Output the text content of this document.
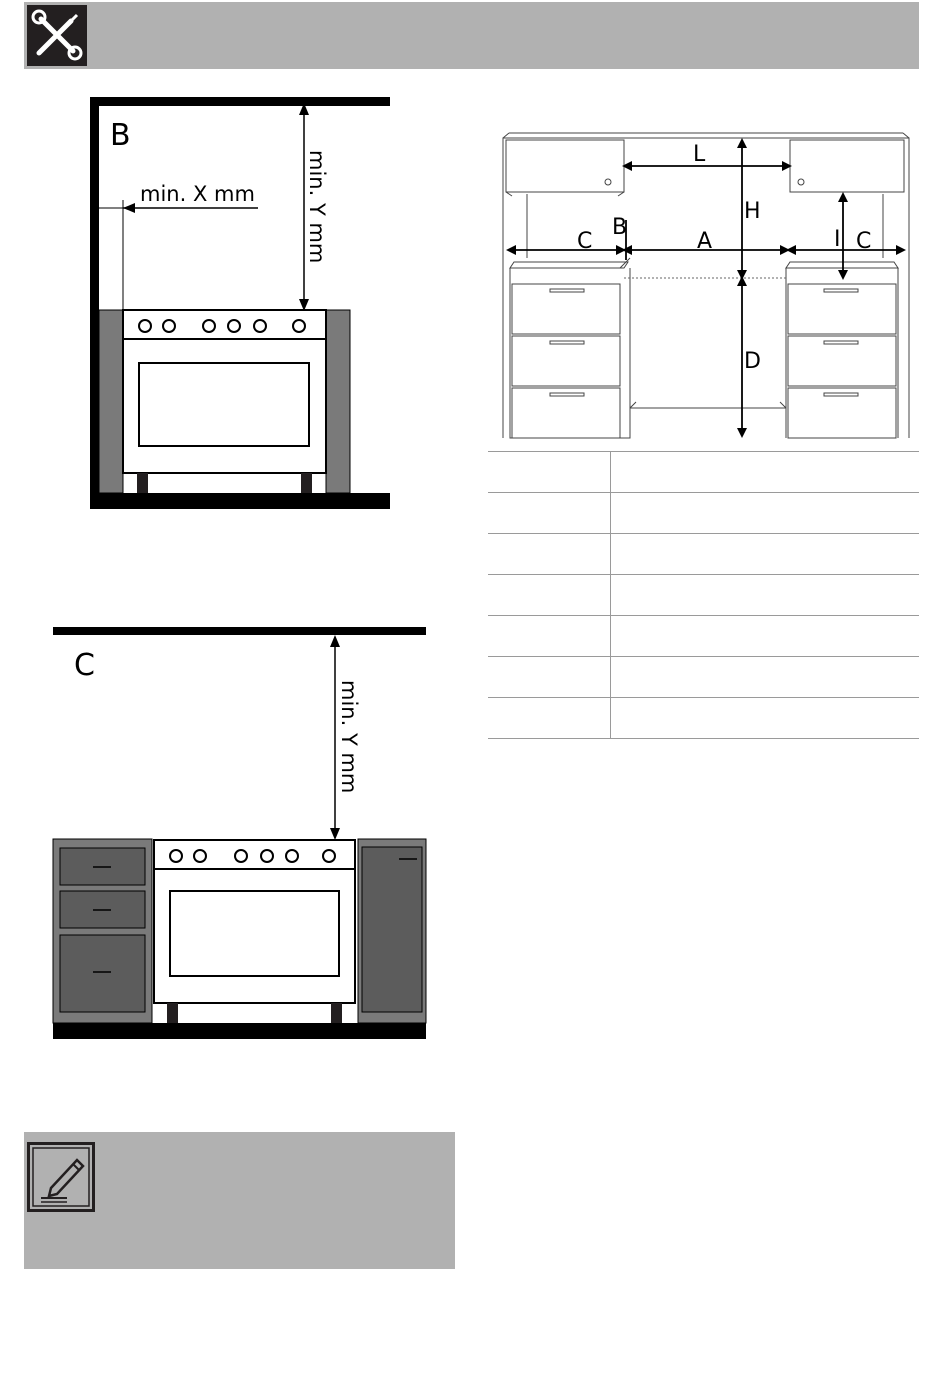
B
min. X mm min. Y mm
C
min. Y mm
L
H
B
C	A	I C
D
